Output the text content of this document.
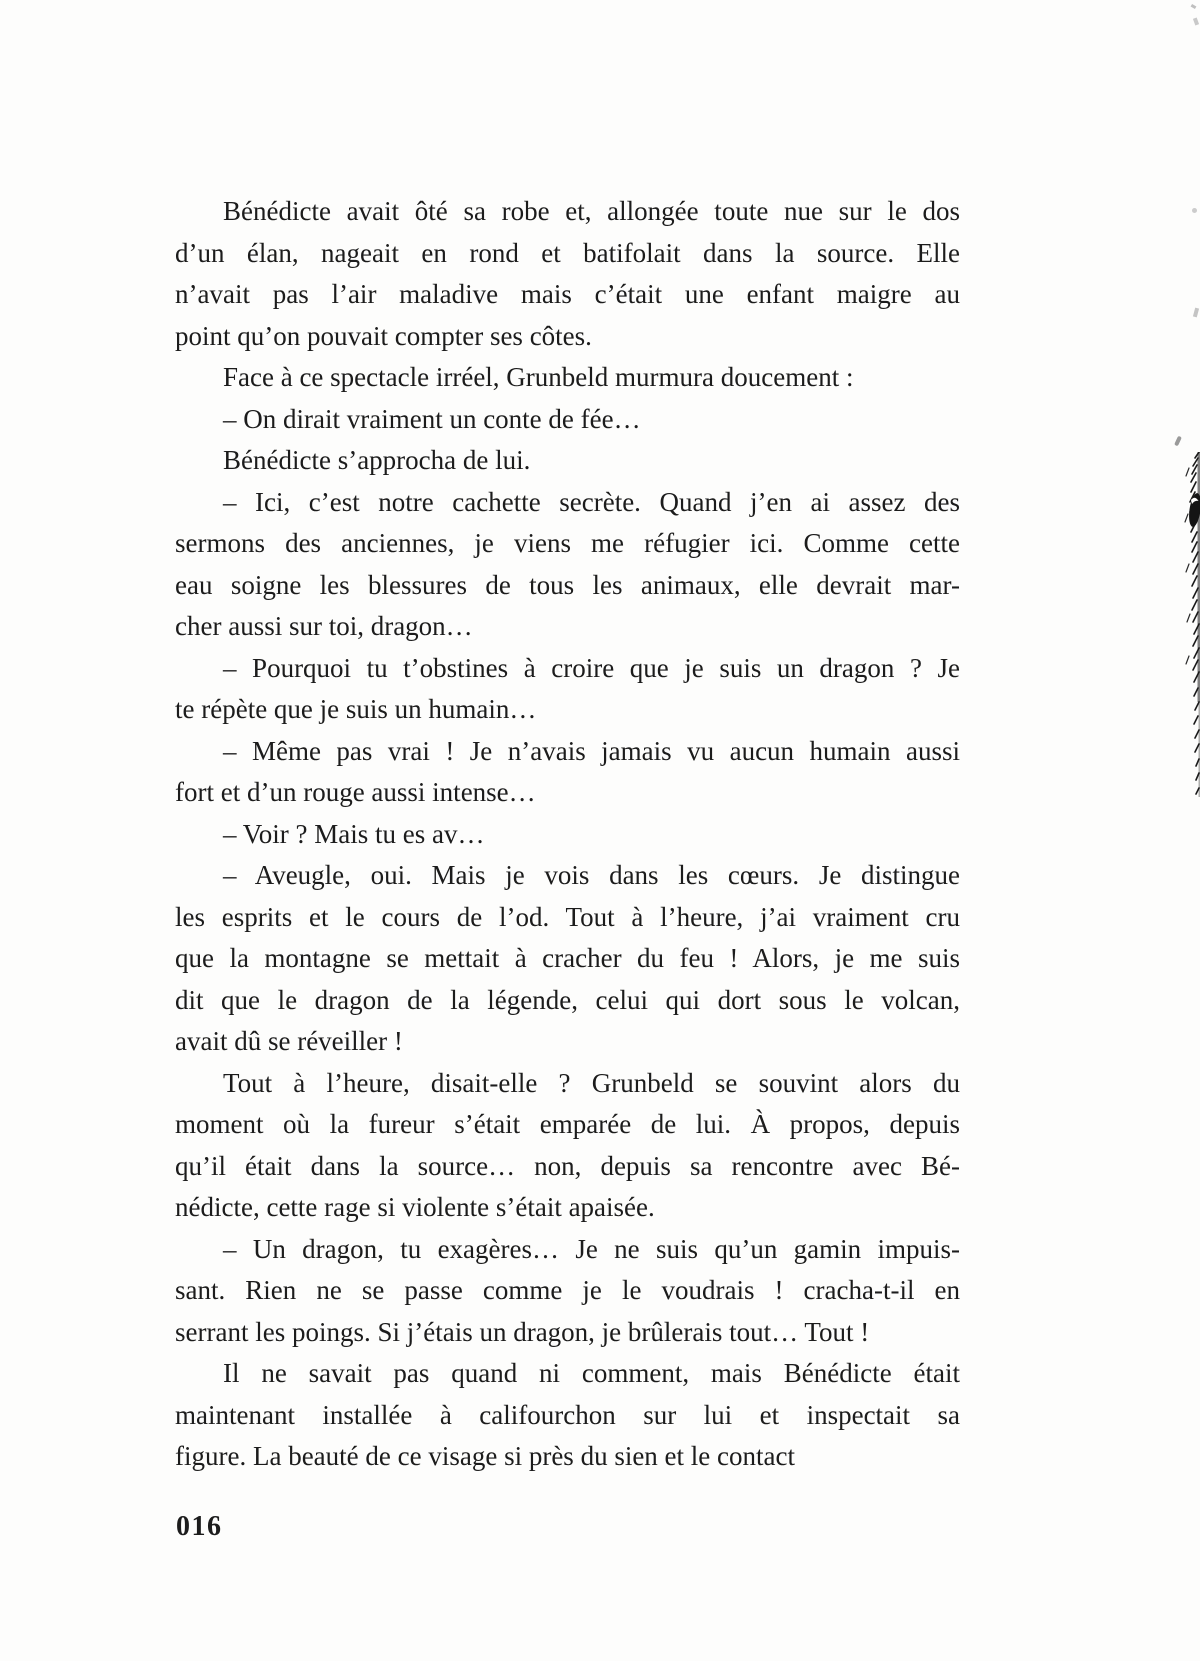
Bénédicte avait ôté sa robe et, allongée toute nue sur le dos
d’un élan, nageait en rond et batifolait dans la source. Elle
n’avait pas l’air maladive mais c’était une enfant maigre au
point qu’on pouvait compter ses côtes.

Face à ce spectacle irréel, Grunbeld murmura doucement :

– On dirait vraiment un conte de fée…

Bénédicte s’approcha de lui.

– Ici, c’est notre cachette secrète. Quand j’en ai assez des
sermons des anciennes, je viens me réfugier ici. Comme cette
eau soigne les blessures de tous les animaux, elle devrait mar-
cher aussi sur toi, dragon…

– Pourquoi tu t’obstines à croire que je suis un dragon ? Je
te répète que je suis un humain…

– Même pas vrai ! Je n’avais jamais vu aucun humain aussi
fort et d’un rouge aussi intense…

– Voir ? Mais tu es av…

– Aveugle, oui. Mais je vois dans les cœurs. Je distingue
les esprits et le cours de l’od. Tout à l’heure, j’ai vraiment cru
que la montagne se mettait à cracher du feu ! Alors, je me suis
dit que le dragon de la légende, celui qui dort sous le volcan,
avait dû se réveiller !

Tout à l’heure, disait-elle ? Grunbeld se souvint alors du
moment où la fureur s’était emparée de lui. À propos, depuis
qu’il était dans la source… non, depuis sa rencontre avec Bé-
nédicte, cette rage si violente s’était apaisée.

– Un dragon, tu exagères… Je ne suis qu’un gamin impuis-
sant. Rien ne se passe comme je le voudrais ! cracha-t-il en
serrant les poings. Si j’étais un dragon, je brûlerais tout… Tout !

Il ne savait pas quand ni comment, mais Bénédicte était
maintenant installée à califourchon sur lui et inspectait sa
figure. La beauté de ce visage si près du sien et le contact

016
